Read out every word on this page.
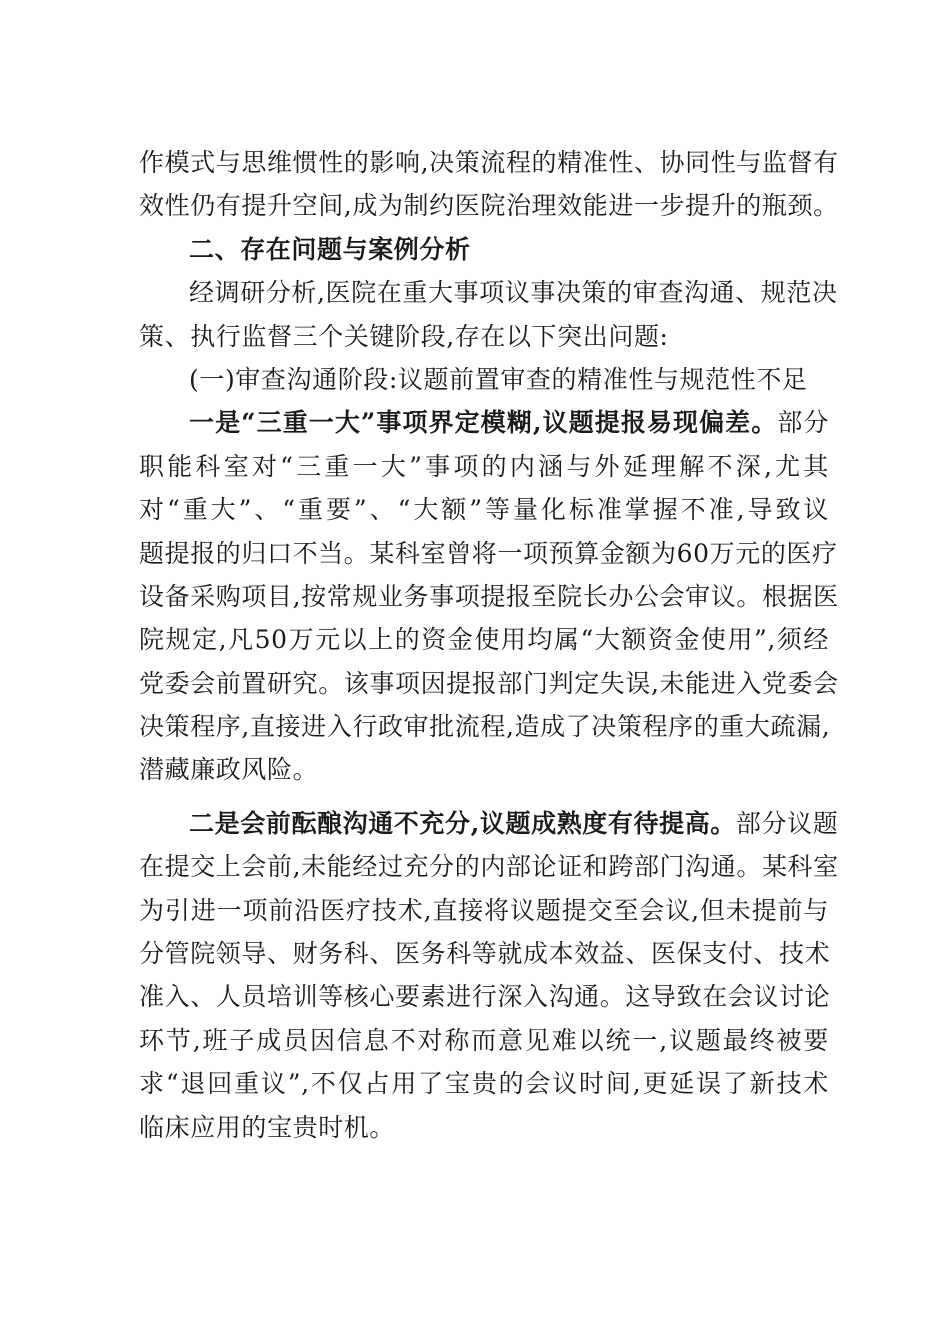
作模式与思维惯性的影响,决策流程的精准性、协同性与监督有
效性仍有提升空间,成为制约医院治理效能进一步提升的瓶颈。
二、存在问题与案例分析
经调研分析,医院在重大事项议事决策的审查沟通、规范决
策、执行监督三个关键阶段,存在以下突出问题:
(一)审查沟通阶段:议题前置审查的精准性与规范性不足
一是“三重一大”事项界定模糊,议题提报易现偏差。部分
职能科室对“三重一大”事项的内涵与外延理解不深,尤其
对“重大”、“重要”、“大额”等量化标准掌握不准,导致议
题提报的归口不当。某科室曾将一项预算金额为60万元的医疗
设备采购项目,按常规业务事项提报至院长办公会审议。根据医
院规定,凡50万元以上的资金使用均属“大额资金使用”,须经
党委会前置研究。该事项因提报部门判定失误,未能进入党委会
决策程序,直接进入行政审批流程,造成了决策程序的重大疏漏,
潜藏廉政风险。
二是会前酝酿沟通不充分,议题成熟度有待提高。部分议题
在提交上会前,未能经过充分的内部论证和跨部门沟通。某科室
为引进一项前沿医疗技术,直接将议题提交至会议,但未提前与
分管院领导、财务科、医务科等就成本效益、医保支付、技术
准入、人员培训等核心要素进行深入沟通。这导致在会议讨论
环节,班子成员因信息不对称而意见难以统一,议题最终被要
求“退回重议”,不仅占用了宝贵的会议时间,更延误了新技术
临床应用的宝贵时机。
